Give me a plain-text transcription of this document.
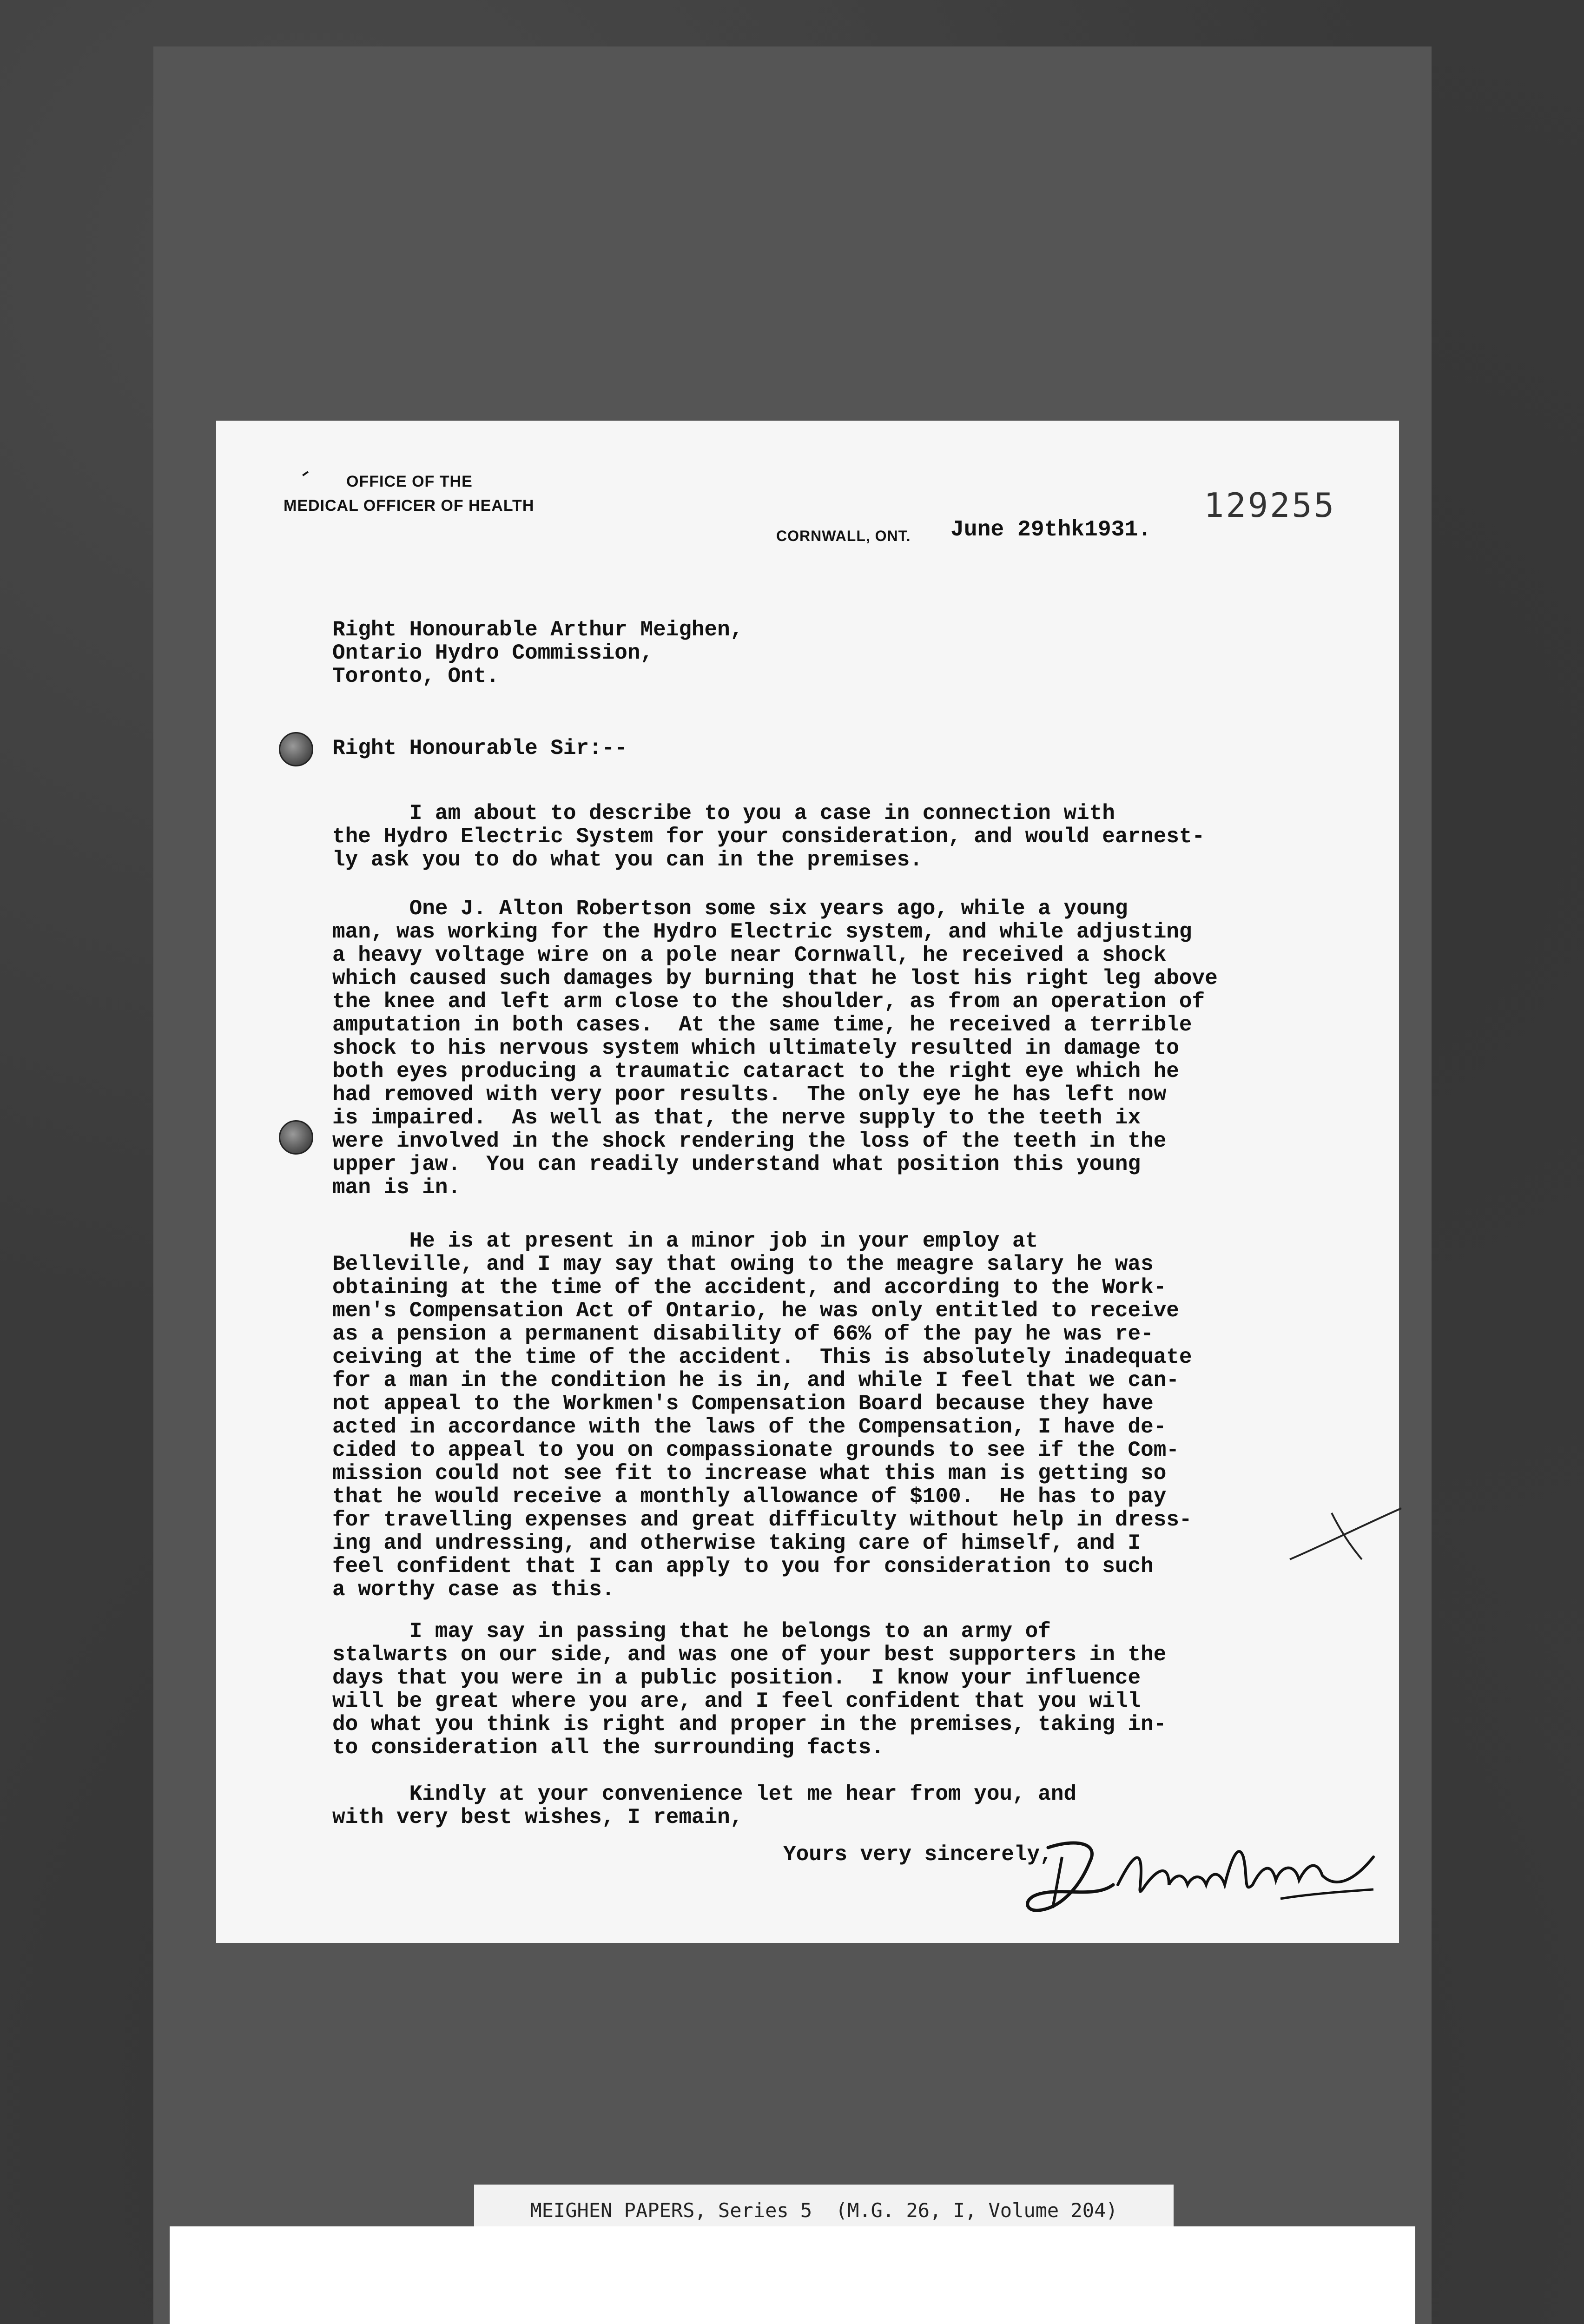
OFFICE OF THE
MEDICAL OFFICER OF HEALTH
CORNWALL, ONT. June 29thk1931.
129255
Right Honourable Arthur Meighen,
Ontario Hydro Commission,
Toronto, Ont.
Right Honourable Sir:--
I am about to describe to you a case in connection with
the Hydro Electric System for your consideration, and would earnest-
ly ask you to do what you can in the premises.
One J. Alton Robertson some six years ago, while a young
man, was working for the Hydro Electric system, and while adjusting
a heavy voltage wire on a pole near Cornwall, he received a shock
which caused such damages by burning that he lost his right leg above
the knee and left arm close to the shoulder, as from an operation of
amputation in both cases.  At the same time, he received a terrible
shock to his nervous system which ultimately resulted in damage to
both eyes producing a traumatic cataract to the right eye which he
had removed with very poor results.  The only eye he has left now
is impaired.  As well as that, the nerve supply to the teeth ix
were involved in the shock rendering the loss of the teeth in the
upper jaw.  You can readily understand what position this young
man is in.
He is at present in a minor job in your employ at
Belleville, and I may say that owing to the meagre salary he was
obtaining at the time of the accident, and according to the Work-
men's Compensation Act of Ontario, he was only entitled to receive
as a pension a permanent disability of 66% of the pay he was re-
ceiving at the time of the accident.  This is absolutely inadequate
for a man in the condition he is in, and while I feel that we can-
not appeal to the Workmen's Compensation Board because they have
acted in accordance with the laws of the Compensation, I have de-
cided to appeal to you on compassionate grounds to see if the Com-
mission could not see fit to increase what this man is getting so
that he would receive a monthly allowance of $100.  He has to pay
for travelling expenses and great difficulty without help in dress-
ing and undressing, and otherwise taking care of himself, and I
feel confident that I can apply to you for consideration to such
a worthy case as this.
I may say in passing that he belongs to an army of
stalwarts on our side, and was one of your best supporters in the
days that you were in a public position.  I know your influence
will be great where you are, and I feel confident that you will
do what you think is right and proper in the premises, taking in-
to consideration all the surrounding facts.
Kindly at your convenience let me hear from you, and
with very best wishes, I remain,
Yours very sincerely,
MEIGHEN PAPERS, Series 5  (M.G. 26, I, Volume 204)
